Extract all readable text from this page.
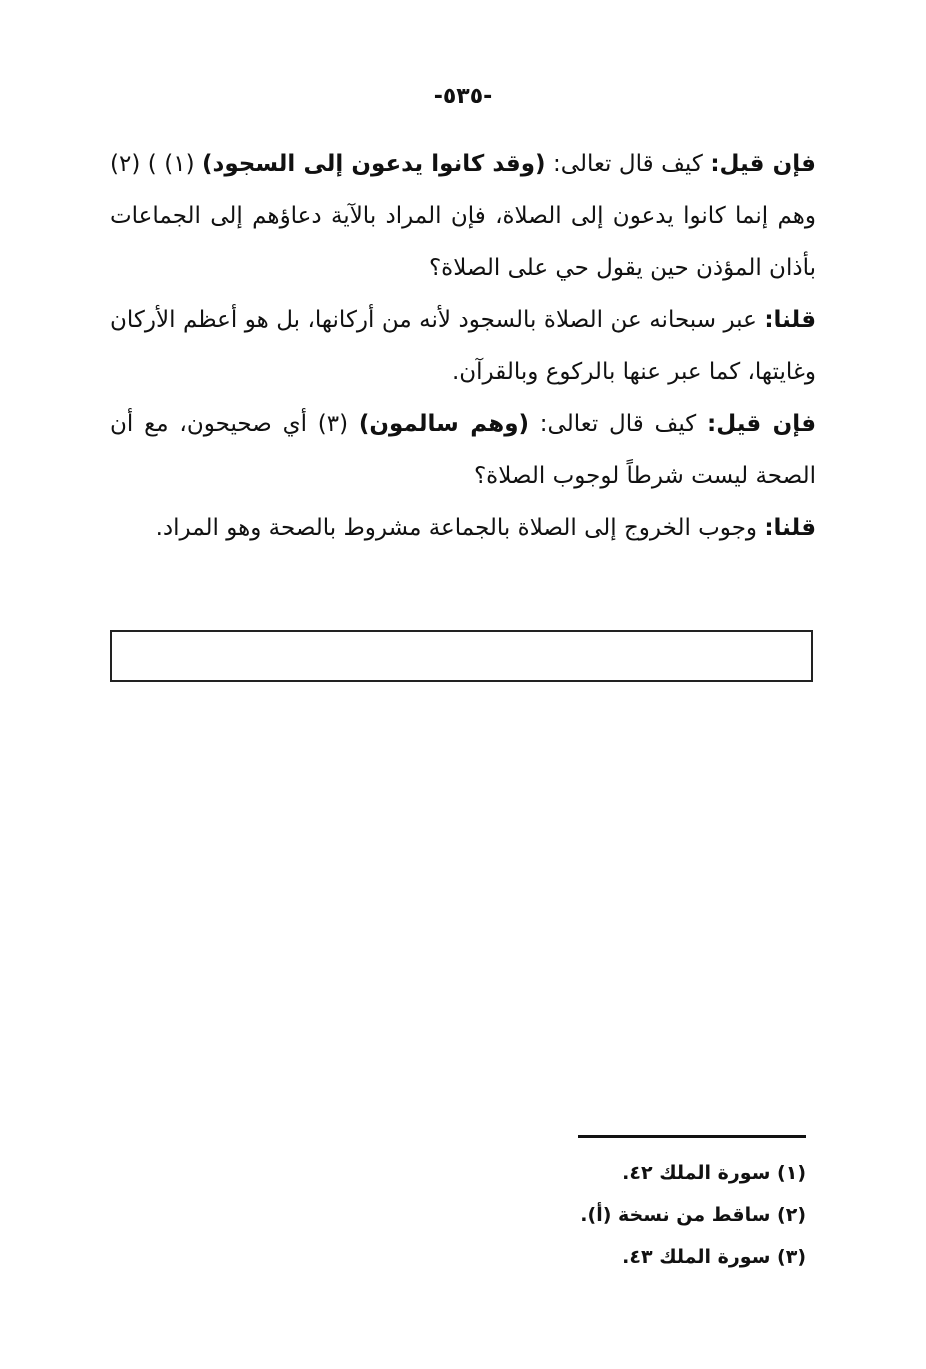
-٥٣٥-

فإن قيل: كيف قال تعالى: (وقد كانوا يدعون إلى السجود) (١) ) (٢) وهم إنما كانوا يدعون إلى الصلاة، فإن المراد بالآية دعاؤهم إلى الجماعات بأذان المؤذن حين يقول حي على الصلاة؟

قلنا: عبر سبحانه عن الصلاة بالسجود لأنه من أركانها، بل هو أعظم الأركان وغايتها، كما عبر عنها بالركوع وبالقرآن.

فإن قيل: كيف قال تعالى: (وهم سالمون) (٣) أي صحيحون، مع أن الصحة ليست شرطاً لوجوب الصلاة؟

قلنا: وجوب الخروج إلى الصلاة بالجماعة مشروط بالصحة وهو المراد.

(١) سورة الملك ٤٢.
(٢) ساقط من نسخة (أ).
(٣) سورة الملك ٤٣.
